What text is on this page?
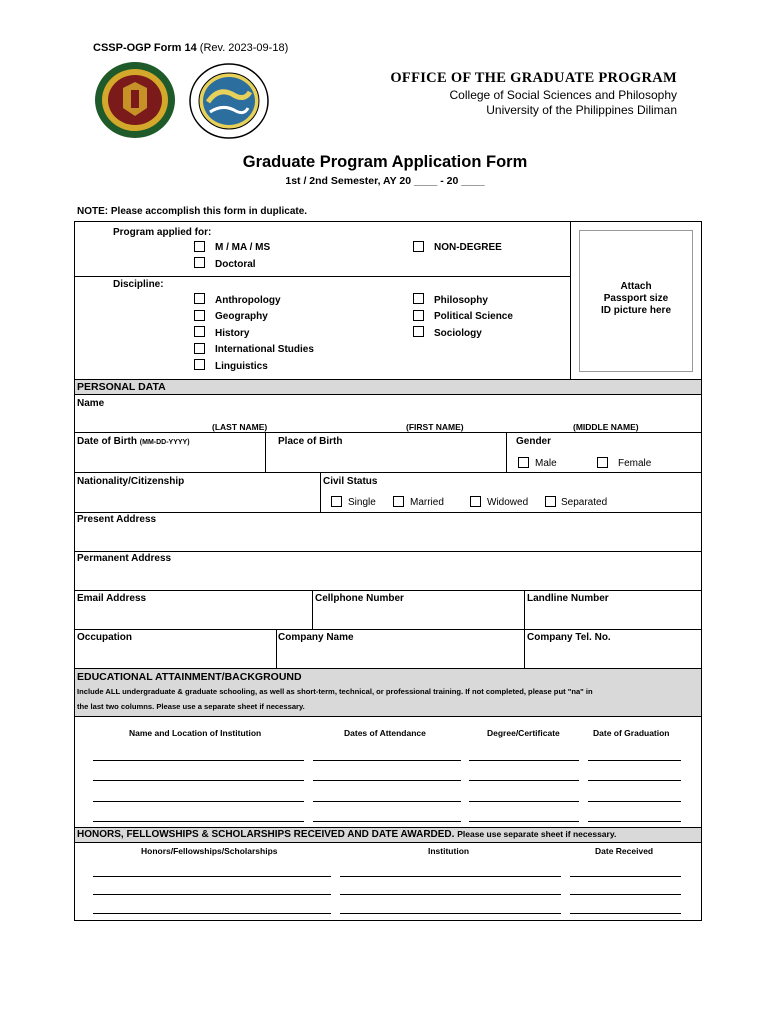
CSSP-OGP Form 14 (Rev. 2023-09-18)
OFFICE OF THE GRADUATE PROGRAM
College of Social Sciences and Philosophy
University of the Philippines Diliman
Graduate Program Application Form
1st / 2nd Semester, AY 20 ____ - 20 ____
NOTE: Please accomplish this form in duplicate.
Program applied for:
M / MA / MS
Doctoral
NON-DEGREE
Discipline:
Anthropology
Geography
History
International Studies
Linguistics
Philosophy
Political Science
Sociology
Attach
Passport size
ID picture here
PERSONAL DATA
Name
(LAST NAME)	(FIRST NAME)	(MIDDLE NAME)
Date of Birth (MM-DD-YYYY)	Place of Birth	Gender
Male	Female
Nationality/Citizenship	Civil Status
Single	Married	Widowed	Separated
Present Address
Permanent Address
Email Address	Cellphone Number	Landline Number
Occupation	Company Name	Company Tel. No.
EDUCATIONAL ATTAINMENT/BACKGROUND
Include ALL undergraduate & graduate schooling, as well as short-term, technical, or professional training. If not completed, please put "na" in
the last two columns. Please use a separate sheet if necessary.
Name and Location of Institution	Dates of Attendance	Degree/Certificate	Date of Graduation
HONORS, FELLOWSHIPS & SCHOLARSHIPS RECEIVED AND DATE AWARDED. Please use separate sheet if necessary.
Honors/Fellowships/Scholarships	Institution	Date Received
